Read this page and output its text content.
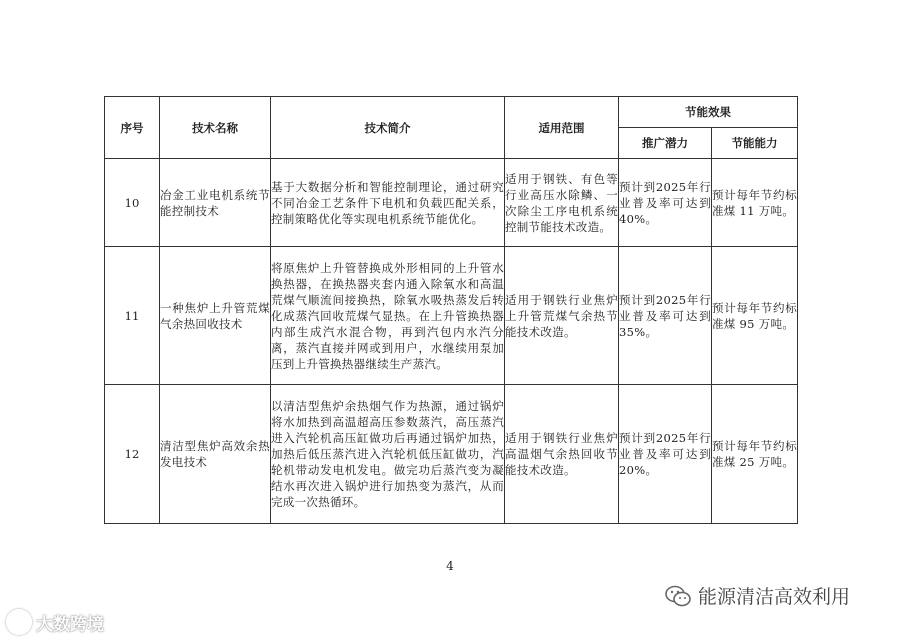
序号	技术名称	技术简介	适用范围	节能效果	
				推广潜力	节能能力
10	冶金工业电机系统节能控制技术	基于大数据分析和智能控制理论，通过研究不同冶金工艺条件下电机和负载匹配关系，控制策略优化等实现电机系统节能优化。	适用于钢铁、有色等行业高压水除鳞、一次除尘工序电机系统控制节能技术改造。	预计到2025年行业普及率可达到40%。	预计每年节约标准煤 11 万吨。
11	一种焦炉上升管荒煤气余热回收技术	将原焦炉上升管替换成外形相同的上升管水换热器，在换热器夹套内通入除氧水和高温荒煤气顺流间接换热，除氧水吸热蒸发后转化成蒸汽回收荒煤气显热。在上升管换热器内部生成汽水混合物，再到汽包内水汽分离，蒸汽直接并网或到用户，水继续用泵加压到上升管换热器继续生产蒸汽。	适用于钢铁行业焦炉上升管荒煤气余热节能技术改造。	预计到2025年行业普及率可达到35%。	预计每年节约标准煤 95 万吨。
12	清洁型焦炉高效余热发电技术	以清洁型焦炉余热烟气作为热源，通过锅炉将水加热到高温超高压参数蒸汽，高压蒸汽进入汽轮机高压缸做功后再通过锅炉加热，加热后低压蒸汽进入汽轮机低压缸做功，汽轮机带动发电机发电。做完功后蒸汽变为凝结水再次进入锅炉进行加热变为蒸汽，从而完成一次热循环。	适用于钢铁行业焦炉高温烟气余热回收节能技术改造。	预计到2025年行业普及率可达到20%。	预计每年节约标准煤 25 万吨。
4
大数跨境
能源清洁高效利用
